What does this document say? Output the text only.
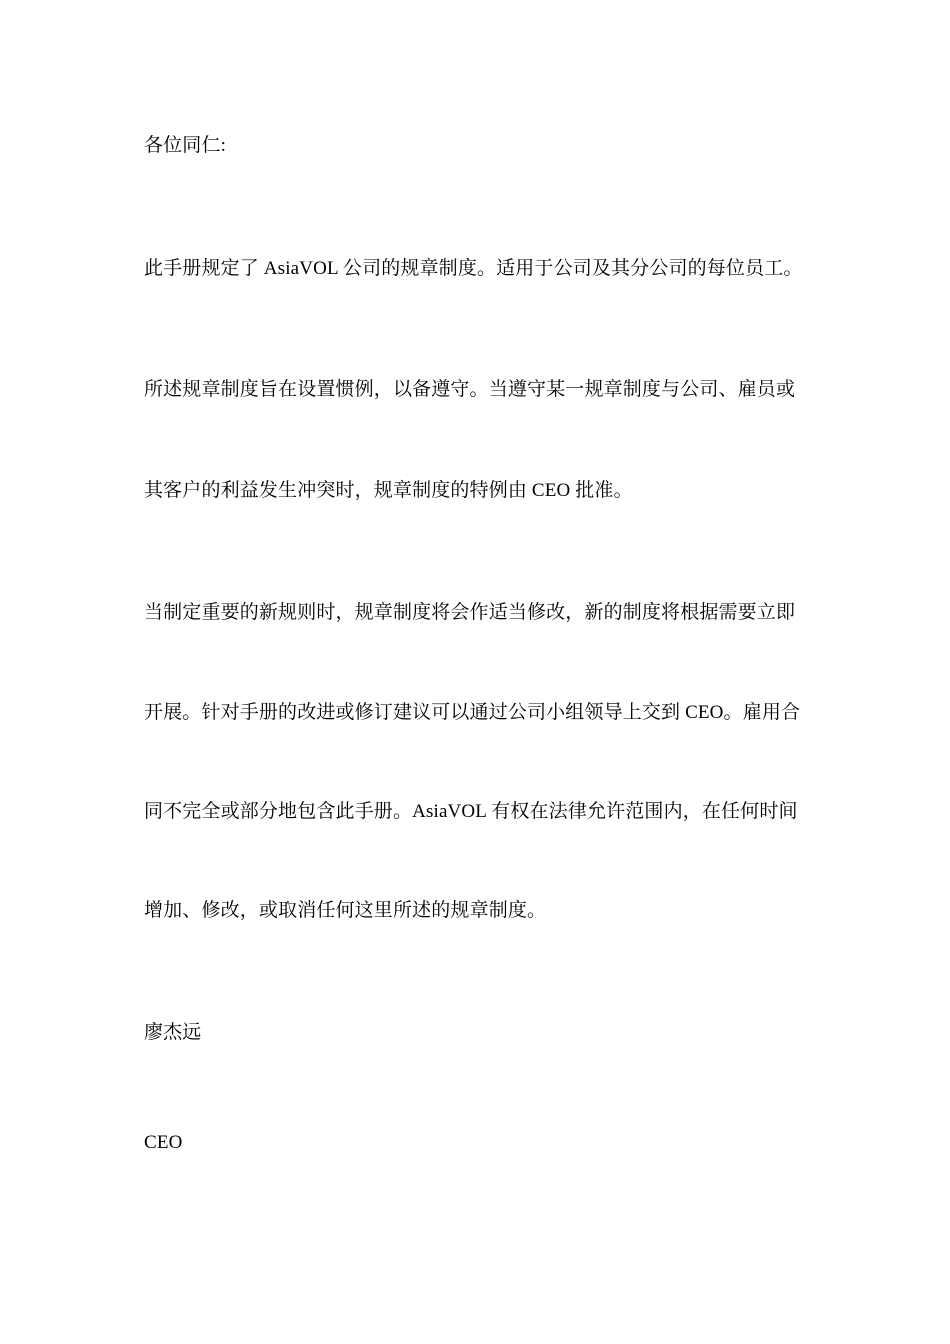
各位同仁:
此手册规定了 AsiaVOL 公司的规章制度。适用于公司及其分公司的每位员工。
所述规章制度旨在设置惯例，以备遵守。当遵守某一规章制度与公司、雇员或
其客户的利益发生冲突时，规章制度的特例由 CEO 批准。
当制定重要的新规则时，规章制度将会作适当修改，新的制度将根据需要立即
开展。针对手册的改进或修订建议可以通过公司小组领导上交到 CEO。雇用合
同不完全或部分地包含此手册。AsiaVOL 有权在法律允许范围内，在任何时间
增加、修改，或取消任何这里所述的规章制度。
廖杰远
CEO
